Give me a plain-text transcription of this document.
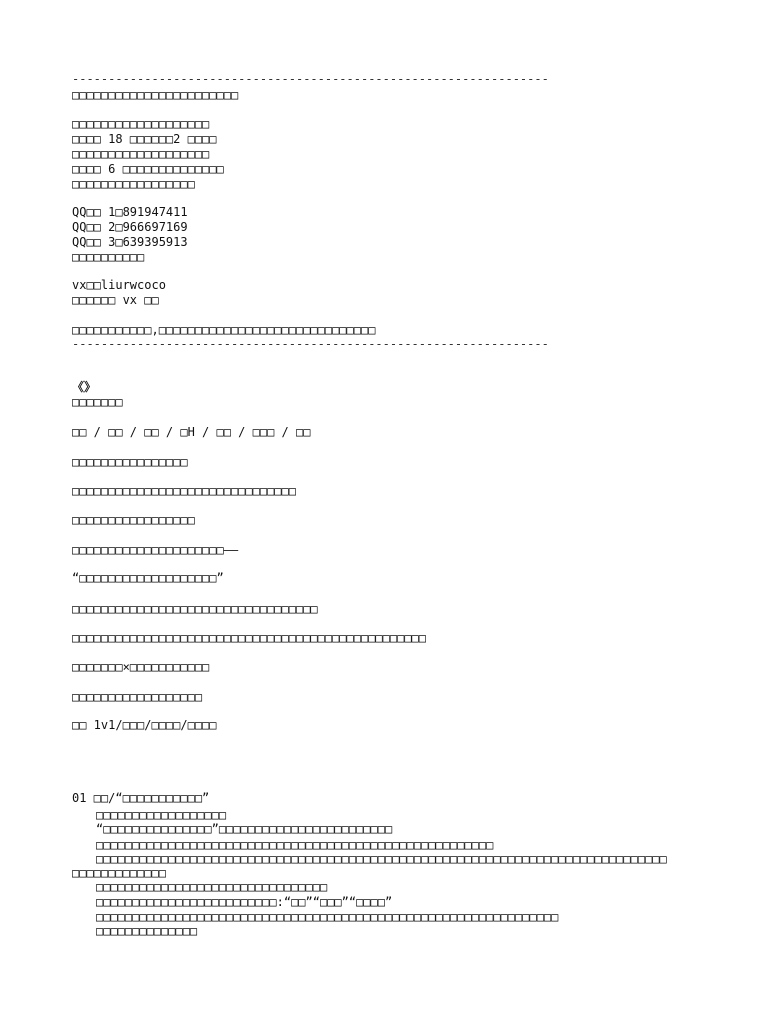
------------------------------------------------------------------
□□□□□□□□□□□□□□□□□□□□□□□
□□□□□□□□□□□□□□□□□□□
□□□□ 18 □□□□□□2 □□□□
□□□□□□□□□□□□□□□□□□□
□□□□ 6 □□□□□□□□□□□□□□
□□□□□□□□□□□□□□□□□
QQ□□ 1□891947411
QQ□□ 2□966697169
QQ□□ 3□639395913
□□□□□□□□□□
vx□□liurwcoco
□□□□□□ vx □□
□□□□□□□□□□□,□□□□□□□□□□□□□□□□□□□□□□□□□□□□□□
------------------------------------------------------------------
《》
□□□□□□□
□□ / □□ / □□ / □H / □□ / □□□ / □□
□□□□□□□□□□□□□□□□
□□□□□□□□□□□□□□□□□□□□□□□□□□□□□□□
□□□□□□□□□□□□□□□□□
□□□□□□□□□□□□□□□□□□□□□——
“□□□□□□□□□□□□□□□□□□□”
□□□□□□□□□□□□□□□□□□□□□□□□□□□□□□□□□□
□□□□□□□□□□□□□□□□□□□□□□□□□□□□□□□□□□□□□□□□□□□□□□□□□
□□□□□□□×□□□□□□□□□□□
□□□□□□□□□□□□□□□□□□
□□ 1v1/□□□/□□□□/□□□□
01 □□/“□□□□□□□□□□□”
□□□□□□□□□□□□□□□□□□
“□□□□□□□□□□□□□□□”□□□□□□□□□□□□□□□□□□□□□□□□
□□□□□□□□□□□□□□□□□□□□□□□□□□□□□□□□□□□□□□□□□□□□□□□□□□□□□□□
□□□□□□□□□□□□□□□□□□□□□□□□□□□□□□□□□□□□□□□□□□□□□□□□□□□□□□□□□□□□□□□□□□□□□□□□□□□□□□□
□□□□□□□□□□□□□
□□□□□□□□□□□□□□□□□□□□□□□□□□□□□□□□
□□□□□□□□□□□□□□□□□□□□□□□□□:“□□”“□□□”“□□□□”
□□□□□□□□□□□□□□□□□□□□□□□□□□□□□□□□□□□□□□□□□□□□□□□□□□□□□□□□□□□□□□□□
□□□□□□□□□□□□□□
